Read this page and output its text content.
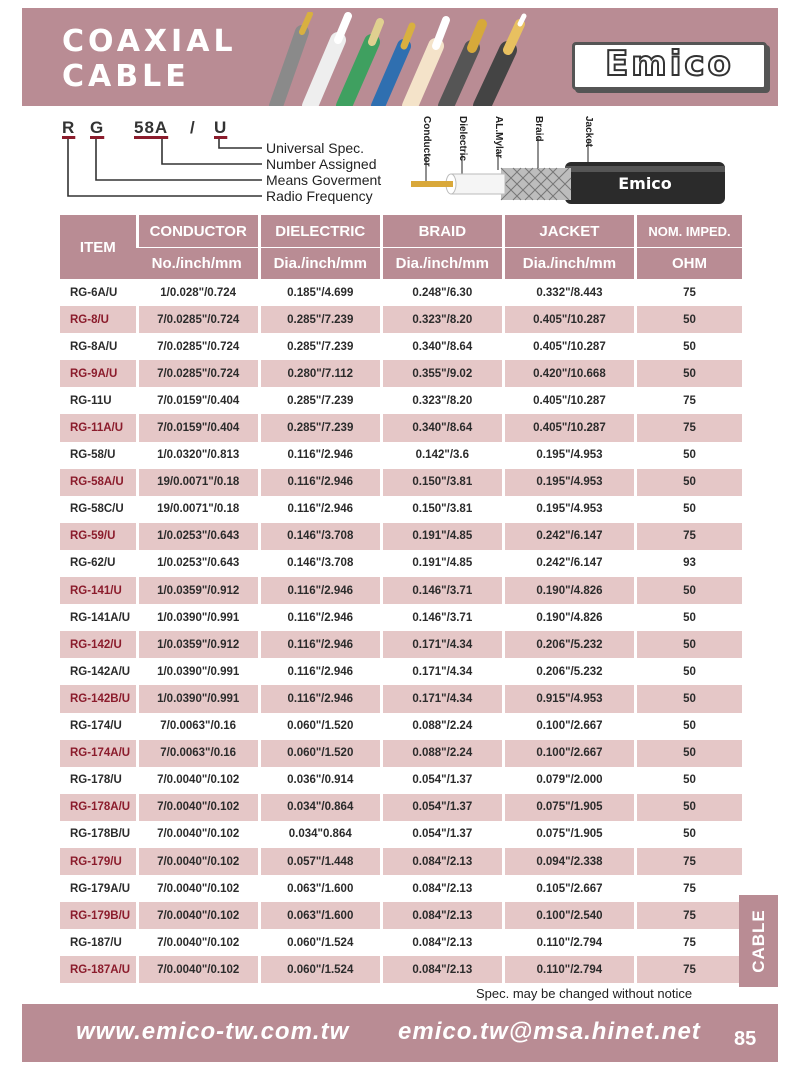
COAXIAL
CABLE	Emico
R G 58A / U
Universal Spec.
Number Assigned
Means Goverment
Radio Frequency
Conductor	Dielectric	AL.Mylar	Braid	Jacket
Emico
ITEM	CONDUCTOR	DIELECTRIC	BRAID	JACKET	NOM. IMPED.
	No./inch/mm	Dia./inch/mm	Dia./inch/mm	Dia./inch/mm	OHM
RG-6A/U	1/0.028"/0.724	0.185"/4.699	0.248"/6.30	0.332"/8.443	75
RG-8/U	7/0.0285"/0.724	0.285"/7.239	0.323"/8.20	0.405"/10.287	50
RG-8A/U	7/0.0285"/0.724	0.285"/7.239	0.340"/8.64	0.405"/10.287	50
RG-9A/U	7/0.0285"/0.724	0.280"/7.112	0.355"/9.02	0.420"/10.668	50
RG-11U	7/0.0159"/0.404	0.285"/7.239	0.323"/8.20	0.405"/10.287	75
RG-11A/U	7/0.0159"/0.404	0.285"/7.239	0.340"/8.64	0.405"/10.287	75
RG-58/U	1/0.0320"/0.813	0.116"/2.946	0.142"/3.6	0.195"/4.953	50
RG-58A/U	19/0.0071"/0.18	0.116"/2.946	0.150"/3.81	0.195"/4.953	50
RG-58C/U	19/0.0071"/0.18	0.116"/2.946	0.150"/3.81	0.195"/4.953	50
RG-59/U	1/0.0253"/0.643	0.146"/3.708	0.191"/4.85	0.242"/6.147	75
RG-62/U	1/0.0253"/0.643	0.146"/3.708	0.191"/4.85	0.242"/6.147	93
RG-141/U	1/0.0359"/0.912	0.116"/2.946	0.146"/3.71	0.190"/4.826	50
RG-141A/U	1/0.0390"/0.991	0.116"/2.946	0.146"/3.71	0.190"/4.826	50
RG-142/U	1/0.0359"/0.912	0.116"/2.946	0.171"/4.34	0.206"/5.232	50
RG-142A/U	1/0.0390"/0.991	0.116"/2.946	0.171"/4.34	0.206"/5.232	50
RG-142B/U	1/0.0390"/0.991	0.116"/2.946	0.171"/4.34	0.915"/4.953	50
RG-174/U	7/0.0063"/0.16	0.060"/1.520	0.088"/2.24	0.100"/2.667	50
RG-174A/U	7/0.0063"/0.16	0.060"/1.520	0.088"/2.24	0.100"/2.667	50
RG-178/U	7/0.0040"/0.102	0.036"/0.914	0.054"/1.37	0.079"/2.000	50
RG-178A/U	7/0.0040"/0.102	0.034"/0.864	0.054"/1.37	0.075"/1.905	50
RG-178B/U	7/0.0040"/0.102	0.034"0.864	0.054"/1.37	0.075"/1.905	50
RG-179/U	7/0.0040"/0.102	0.057"/1.448	0.084"/2.13	0.094"/2.338	75
RG-179A/U	7/0.0040"/0.102	0.063"/1.600	0.084"/2.13	0.105"/2.667	75
RG-179B/U	7/0.0040"/0.102	0.063"/1.600	0.084"/2.13	0.100"/2.540	75
RG-187/U	7/0.0040"/0.102	0.060"/1.524	0.084"/2.13	0.110"/2.794	75
RG-187A/U	7/0.0040"/0.102	0.060"/1.524	0.084"/2.13	0.110"/2.794	75	CABLE
Spec. may be changed without notice
www.emico-tw.com.tw emico.tw@msa.hinet.net 85
